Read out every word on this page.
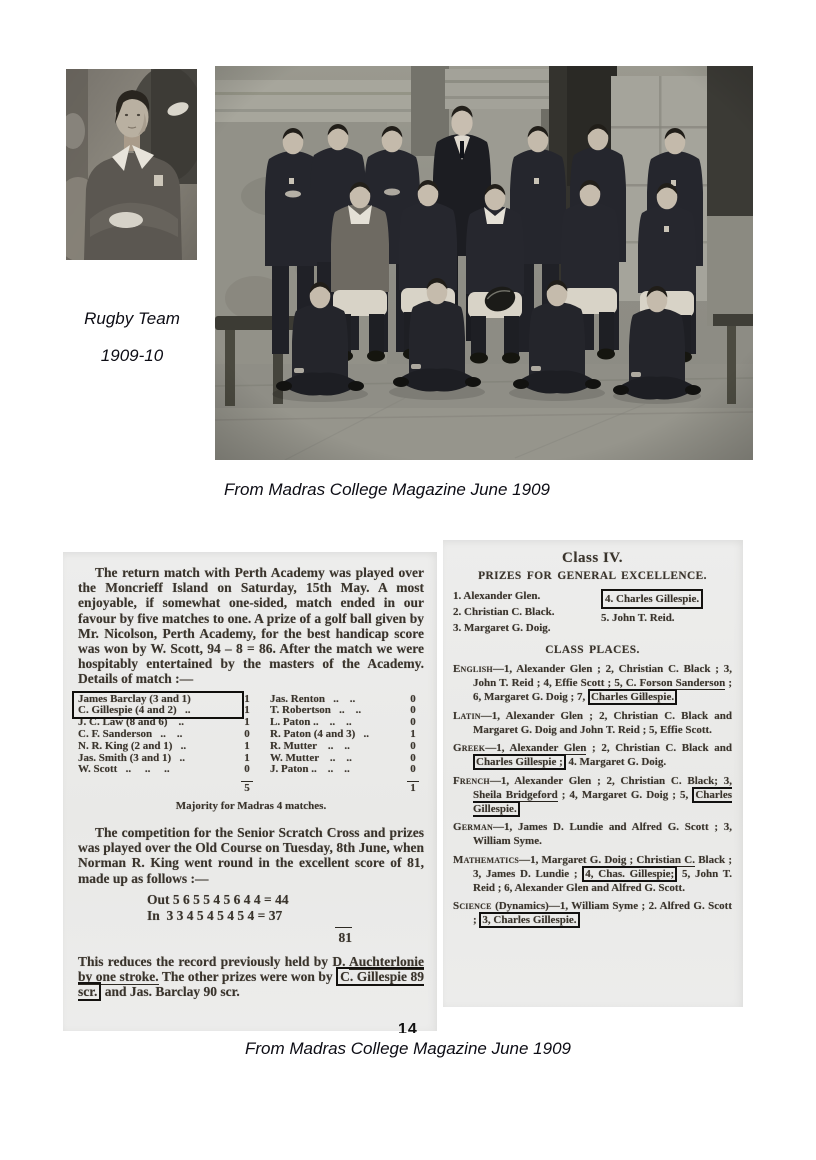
Rugby Team
1909-10
From Madras College Magazine June 1909

The return match with Perth Academy was played over the Moncrieff Island on Saturday, 15th May. A most enjoyable, if somewhat one-sided, match ended in our favour by five matches to one. A prize of a golf ball given by Mr. Nicolson, Perth Academy, for the best handicap score was won by W. Scott, 94 – 8 = 86. After the match we were hospitably entertained by the masters of the Academy. Details of match :—

James Barclay (3 and 1)	1	Jas. Renton   ..    ..	0
C. Gillespie (4 and 2)   ..	1	T. Robertson   ..    ..	0
J. C. Law (8 and 6)    ..	1	L. Paton ..    ..    ..	0
C. F. Sanderson   ..    ..	0	R. Paton (4 and 3)   ..	1
N. R. King (2 and 1)   ..	1	R. Mutter    ..    ..	0
Jas. Smith (3 and 1)   ..	1	W. Mutter    ..    ..	0
W. Scott   ..     ..     ..	0	J. Paton ..    ..    ..	0
5	1

Majority for Madras 4 matches.

The competition for the Senior Scratch Cross and prizes was played over the Old Course on Tuesday, 8th June, when Norman R. King went round in the excellent score of 81, made up as follows :—

Out 5 6 5 5 4 5 6 4 4 = 44
In  3 3 4 5 4 5 4 5 4 = 37
81

This reduces the record previously held by D. Auchterlonie by one stroke. The other prizes were won by C. Gillespie 89 scr. and Jas. Barclay 90 scr.

Class IV.
PRIZES FOR GENERAL EXCELLENCE.
1. Alexander Glen.
2. Christian C. Black.
3. Margaret G. Doig.
4. Charles Gillespie.
5. John T. Reid.
CLASS PLACES.

English—1, Alexander Glen ; 2, Christian C. Black ; 3, John T. Reid ; 4, Effie Scott ; 5, C. Forson Sanderson ; 6, Margaret G. Doig ; 7, Charles Gillespie.

Latin—1, Alexander Glen ; 2, Christian C. Black and Margaret G. Doig and John T. Reid ; 5, Effie Scott.

Greek—1, Alexander Glen ; 2, Christian C. Black and Charles Gillespie ; 4. Margaret G. Doig.

French—1, Alexander Glen ; 2, Christian C. Black; 3, Sheila Bridgeford ; 4, Margaret G. Doig ; 5, Charles Gillespie.

German—1, James D. Lundie and Alfred G. Scott ; 3, William Syme.

Mathematics—1, Margaret G. Doig ; Christian C. Black ; 3, James D. Lundie ; 4, Chas. Gillespie; 5, John T. Reid ; 6, Alexander Glen and Alfred G. Scott.

Science (Dynamics)—1, William Syme ; 2. Alfred G. Scott ; 3, Charles Gillespie.

14
From Madras College Magazine June 1909
